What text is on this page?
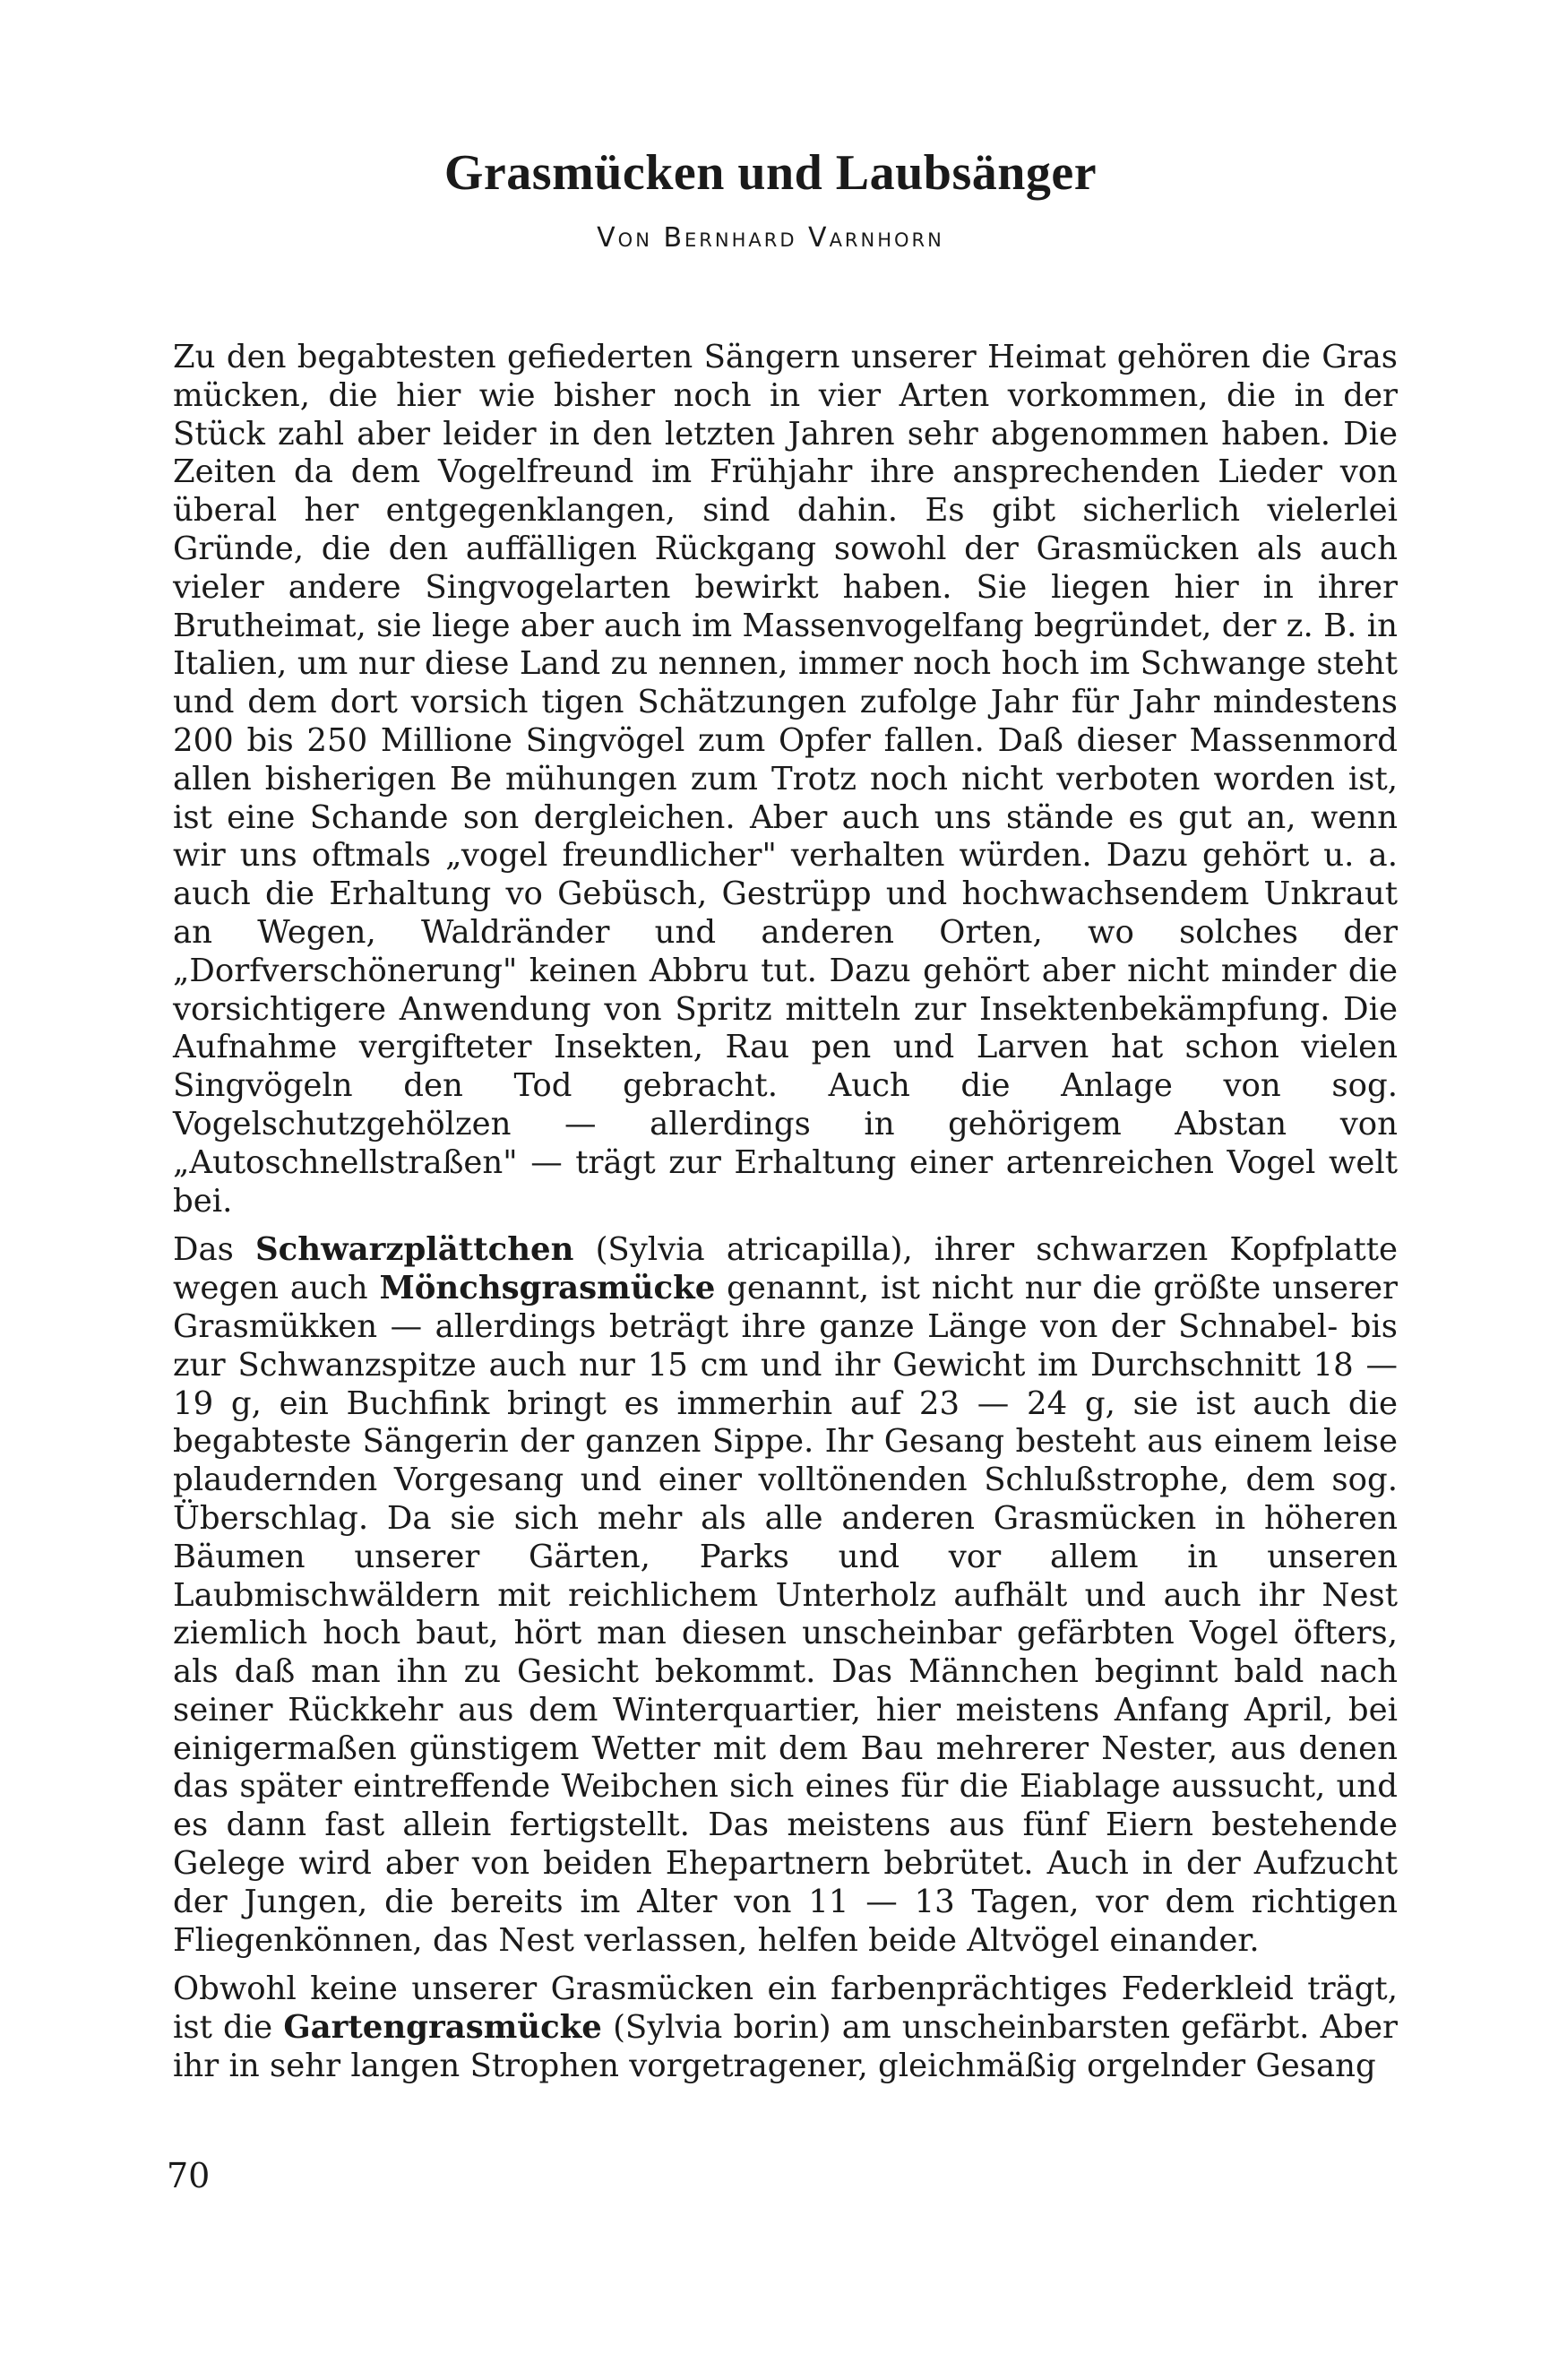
Grasmücken und Laubsänger

Von Bernhard Varnhorn

Zu den begabtesten gefiederten Sängern unserer Heimat gehören die Gras mücken, die hier wie bisher noch in vier Arten vorkommen, die in der Stück zahl aber leider in den letzten Jahren sehr abgenommen haben. Die Zeiten da dem Vogelfreund im Frühjahr ihre ansprechenden Lieder von überal her entgegenklangen, sind dahin. Es gibt sicherlich vielerlei Gründe, die den auffälligen Rückgang sowohl der Grasmücken als auch vieler andere Singvogelarten bewirkt haben. Sie liegen hier in ihrer Brutheimat, sie liege aber auch im Massenvogelfang begründet, der z. B. in Italien, um nur diese Land zu nennen, immer noch hoch im Schwange steht und dem dort vorsich tigen Schätzungen zufolge Jahr für Jahr mindestens 200 bis 250 Millione Singvögel zum Opfer fallen. Daß dieser Massenmord allen bisherigen Be mühungen zum Trotz noch nicht verboten worden ist, ist eine Schande son dergleichen. Aber auch uns stände es gut an, wenn wir uns oftmals „vogel freundlicher" verhalten würden. Dazu gehört u. a. auch die Erhaltung vo Gebüsch, Gestrüpp und hochwachsendem Unkraut an Wegen, Waldränder und anderen Orten, wo solches der „Dorfverschönerung" keinen Abbru tut. Dazu gehört aber nicht minder die vorsichtigere Anwendung von Spritz mitteln zur Insektenbekämpfung. Die Aufnahme vergifteter Insekten, Rau pen und Larven hat schon vielen Singvögeln den Tod gebracht. Auch die Anlage von sog. Vogelschutzgehölzen — allerdings in gehörigem Abstan von „Autoschnellstraßen" — trägt zur Erhaltung einer artenreichen Vogel welt bei.

Das Schwarzplättchen (Sylvia atricapilla), ihrer schwarzen Kopfplatte wegen auch Mönchsgrasmücke genannt, ist nicht nur die größte unserer Grasmükken — allerdings beträgt ihre ganze Länge von der Schnabel- bis zur Schwanzspitze auch nur 15 cm und ihr Gewicht im Durchschnitt 18 — 19 g, ein Buchfink bringt es immerhin auf 23 — 24 g, sie ist auch die begabteste Sängerin der ganzen Sippe. Ihr Gesang besteht aus einem leise plaudernden Vorgesang und einer volltönenden Schlußstrophe, dem sog. Überschlag. Da sie sich mehr als alle anderen Grasmücken in höheren Bäumen unserer Gärten, Parks und vor allem in unseren Laubmischwäldern mit reichlichem Unterholz aufhält und auch ihr Nest ziemlich hoch baut, hört man diesen unscheinbar gefärbten Vogel öfters, als daß man ihn zu Gesicht bekommt. Das Männchen beginnt bald nach seiner Rückkehr aus dem Winterquartier, hier meistens Anfang April, bei einigermaßen günstigem Wetter mit dem Bau mehrerer Nester, aus denen das später eintreffende Weibchen sich eines für die Eiablage aussucht, und es dann fast allein fertigstellt. Das meistens aus fünf Eiern bestehende Gelege wird aber von beiden Ehepartnern bebrütet. Auch in der Aufzucht der Jungen, die bereits im Alter von 11 — 13 Tagen, vor dem richtigen Fliegenkönnen, das Nest verlassen, helfen beide Altvögel einander.

Obwohl keine unserer Grasmücken ein farbenprächtiges Federkleid trägt, ist die Gartengrasmücke (Sylvia borin) am unscheinbarsten gefärbt. Aber ihr in sehr langen Strophen vorgetragener, gleichmäßig orgelnder Gesang

70
